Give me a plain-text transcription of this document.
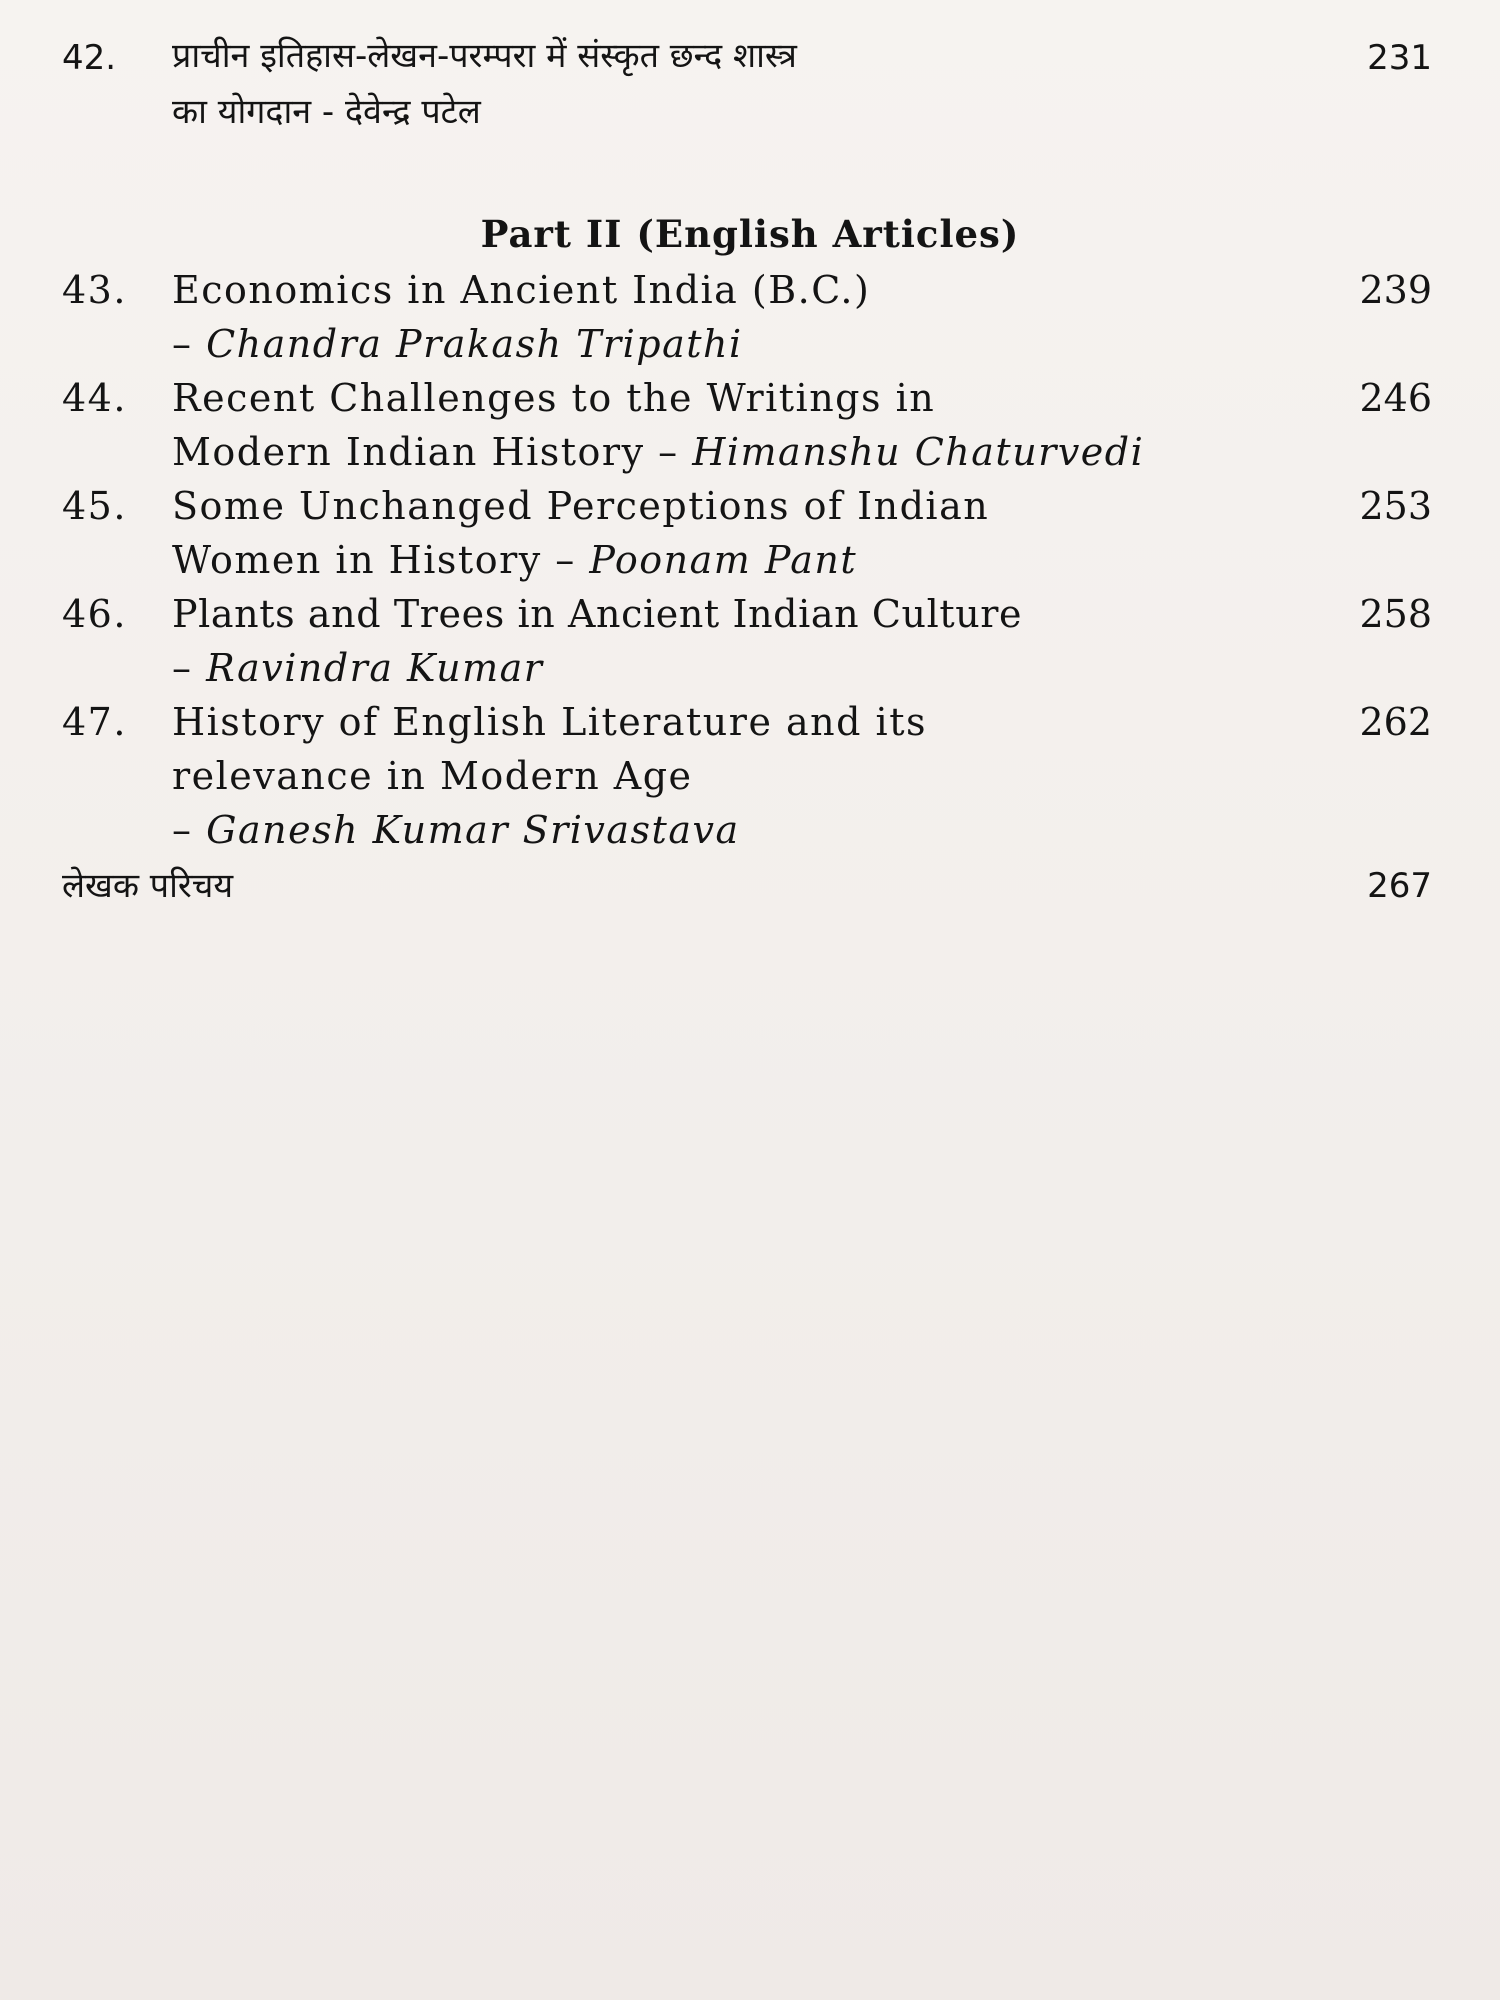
42.	प्राचीन इतिहास-लेखन-परम्परा में संस्कृत छन्द शास्त्र
का योगदान - देवेन्द्र पटेल
231
Part II (English Articles)
43.	Economics in Ancient India (B.C.)
– Chandra Prakash Tripathi
239
44.	Recent Challenges to the Writings in
Modern Indian History – Himanshu Chaturvedi
246
45.	Some Unchanged Perceptions of Indian
Women in History – Poonam Pant
253
46.	Plants and Trees in Ancient Indian Culture
– Ravindra Kumar
258
47.	History of English Literature and its
relevance in Modern Age
– Ganesh Kumar Srivastava
262
लेखक परिचय	267
